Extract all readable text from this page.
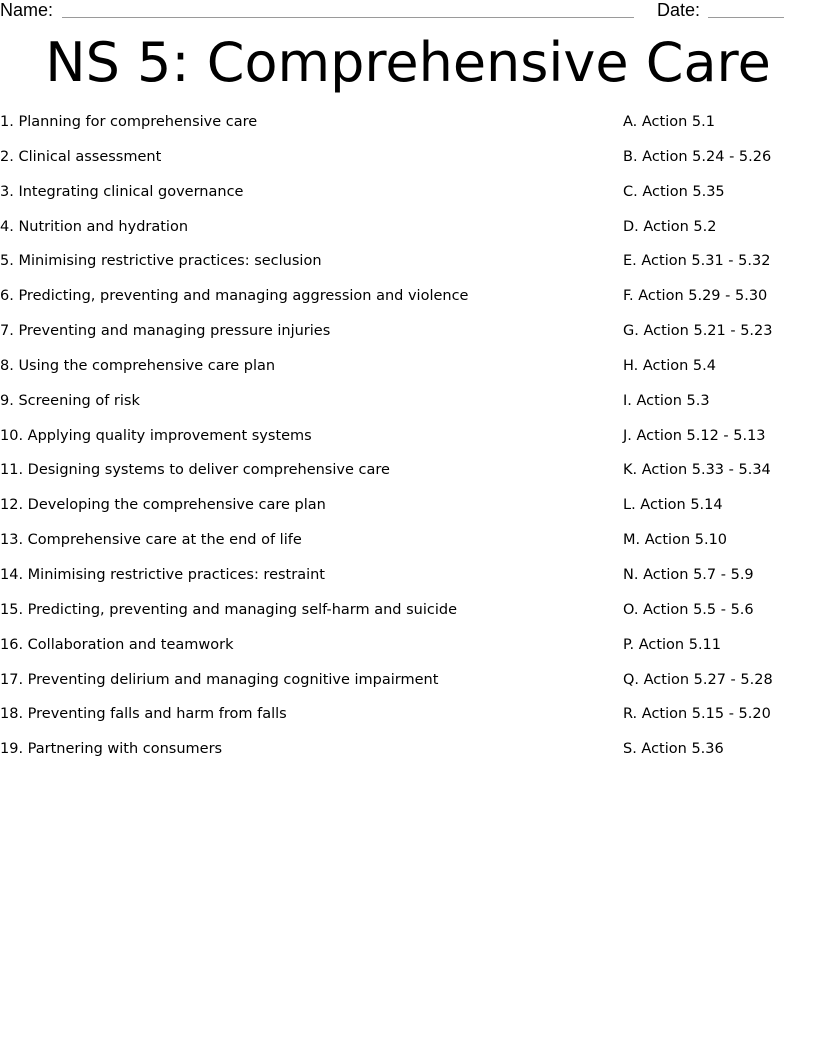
Name:	Date:
NS 5: Comprehensive Care
1. Planning for comprehensive care	A. Action 5.1
2. Clinical assessment	B. Action 5.24 - 5.26
3. Integrating clinical governance	C. Action 5.35
4. Nutrition and hydration	D. Action 5.2
5. Minimising restrictive practices: seclusion	E. Action 5.31 - 5.32
6. Predicting, preventing and managing aggression and violence	F. Action 5.29 - 5.30
7. Preventing and managing pressure injuries	G. Action 5.21 - 5.23
8. Using the comprehensive care plan	H. Action 5.4
9. Screening of risk	I. Action 5.3
10. Applying quality improvement systems	J. Action 5.12 - 5.13
11. Designing systems to deliver comprehensive care	K. Action 5.33 - 5.34
12. Developing the comprehensive care plan	L. Action 5.14
13. Comprehensive care at the end of life	M. Action 5.10
14. Minimising restrictive practices: restraint	N. Action 5.7 - 5.9
15. Predicting, preventing and managing self-harm and suicide	O. Action 5.5 - 5.6
16. Collaboration and teamwork	P. Action 5.11
17. Preventing delirium and managing cognitive impairment	Q. Action 5.27 - 5.28
18. Preventing falls and harm from falls	R. Action 5.15 - 5.20
19. Partnering with consumers	S. Action 5.36
